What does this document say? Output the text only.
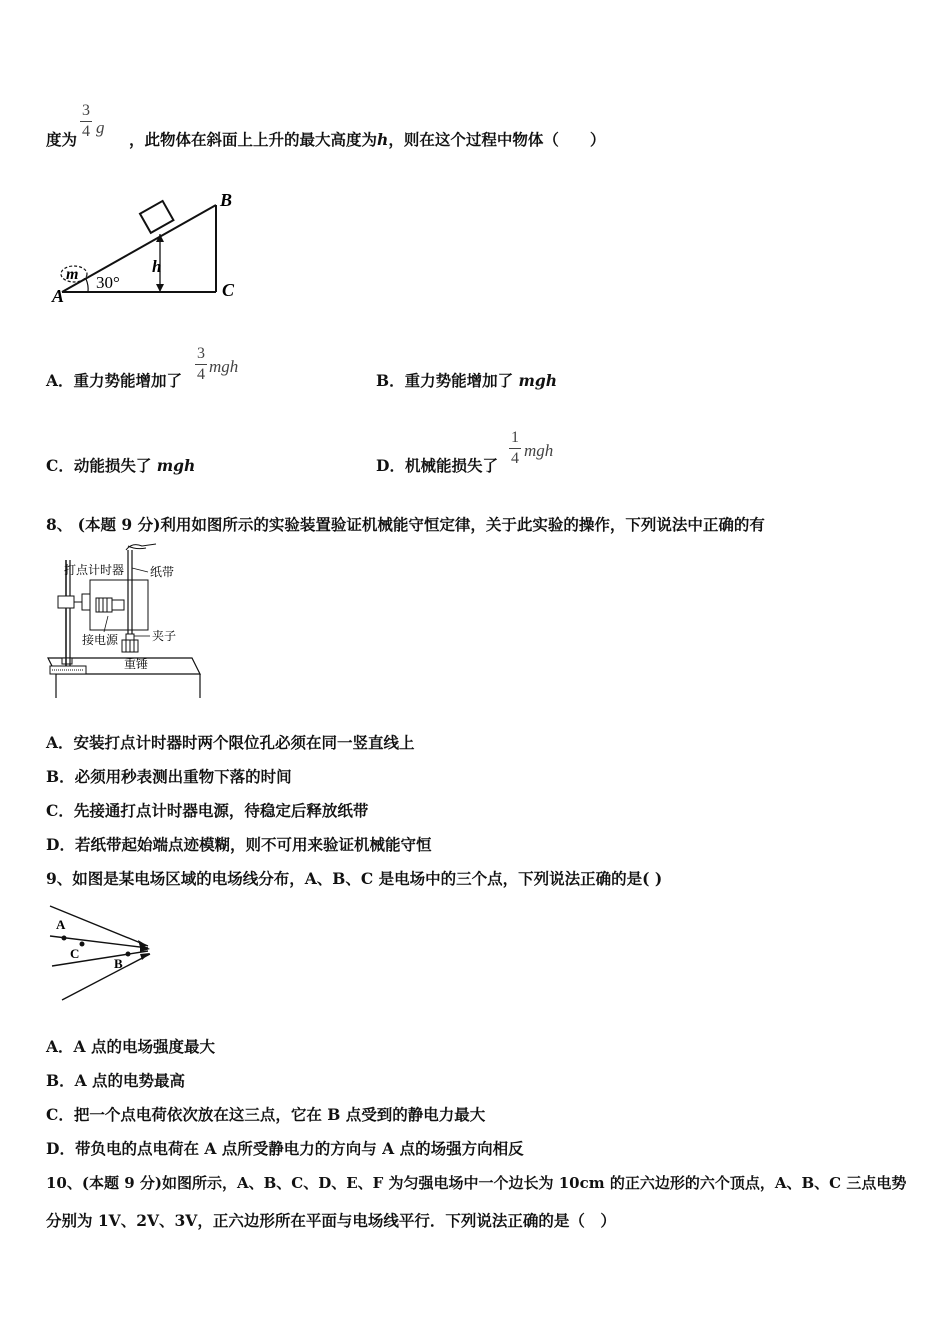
度为	，此物体在斜面上上升的最大高度为h，则在这个过程中物体（　　）
3
4 g
h
30°
m
A
B
C
A．重力势能增加了
3
4 mgh
B．重力势能增加了 mgh
C．动能损失了 mgh	D．机械能损失了
1
4 mgh
8、 (本题 9 分)利用如图所示的实验装置验证机械能守恒定律，关于此实验的操作，下列说法中正确的有
打点计时器 纸带
接电源	夹子
重锤
A．安装打点计时器时两个限位孔必须在同一竖直线上
B．必须用秒表测出重物下落的时间
C．先接通打点计时器电源，待稳定后释放纸带
D．若纸带起始端点迹模糊，则不可用来验证机械能守恒
9、如图是某电场区域的电场线分布，A、B、C 是电场中的三个点，下列说法正确的是( )
A
C
B
A．A 点的电场强度最大
B．A 点的电势最高
C．把一个点电荷依次放在这三点，它在 B 点受到的静电力最大
D．带负电的点电荷在 A 点所受静电力的方向与 A 点的场强方向相反
10、(本题 9 分)如图所示，A、B、C、D、E、F 为匀强电场中一个边长为 10cm 的正六边形的六个顶点，A、B、C 三点电势
分别为 1V、2V、3V，正六边形所在平面与电场线平行．下列说法正确的是（　）
